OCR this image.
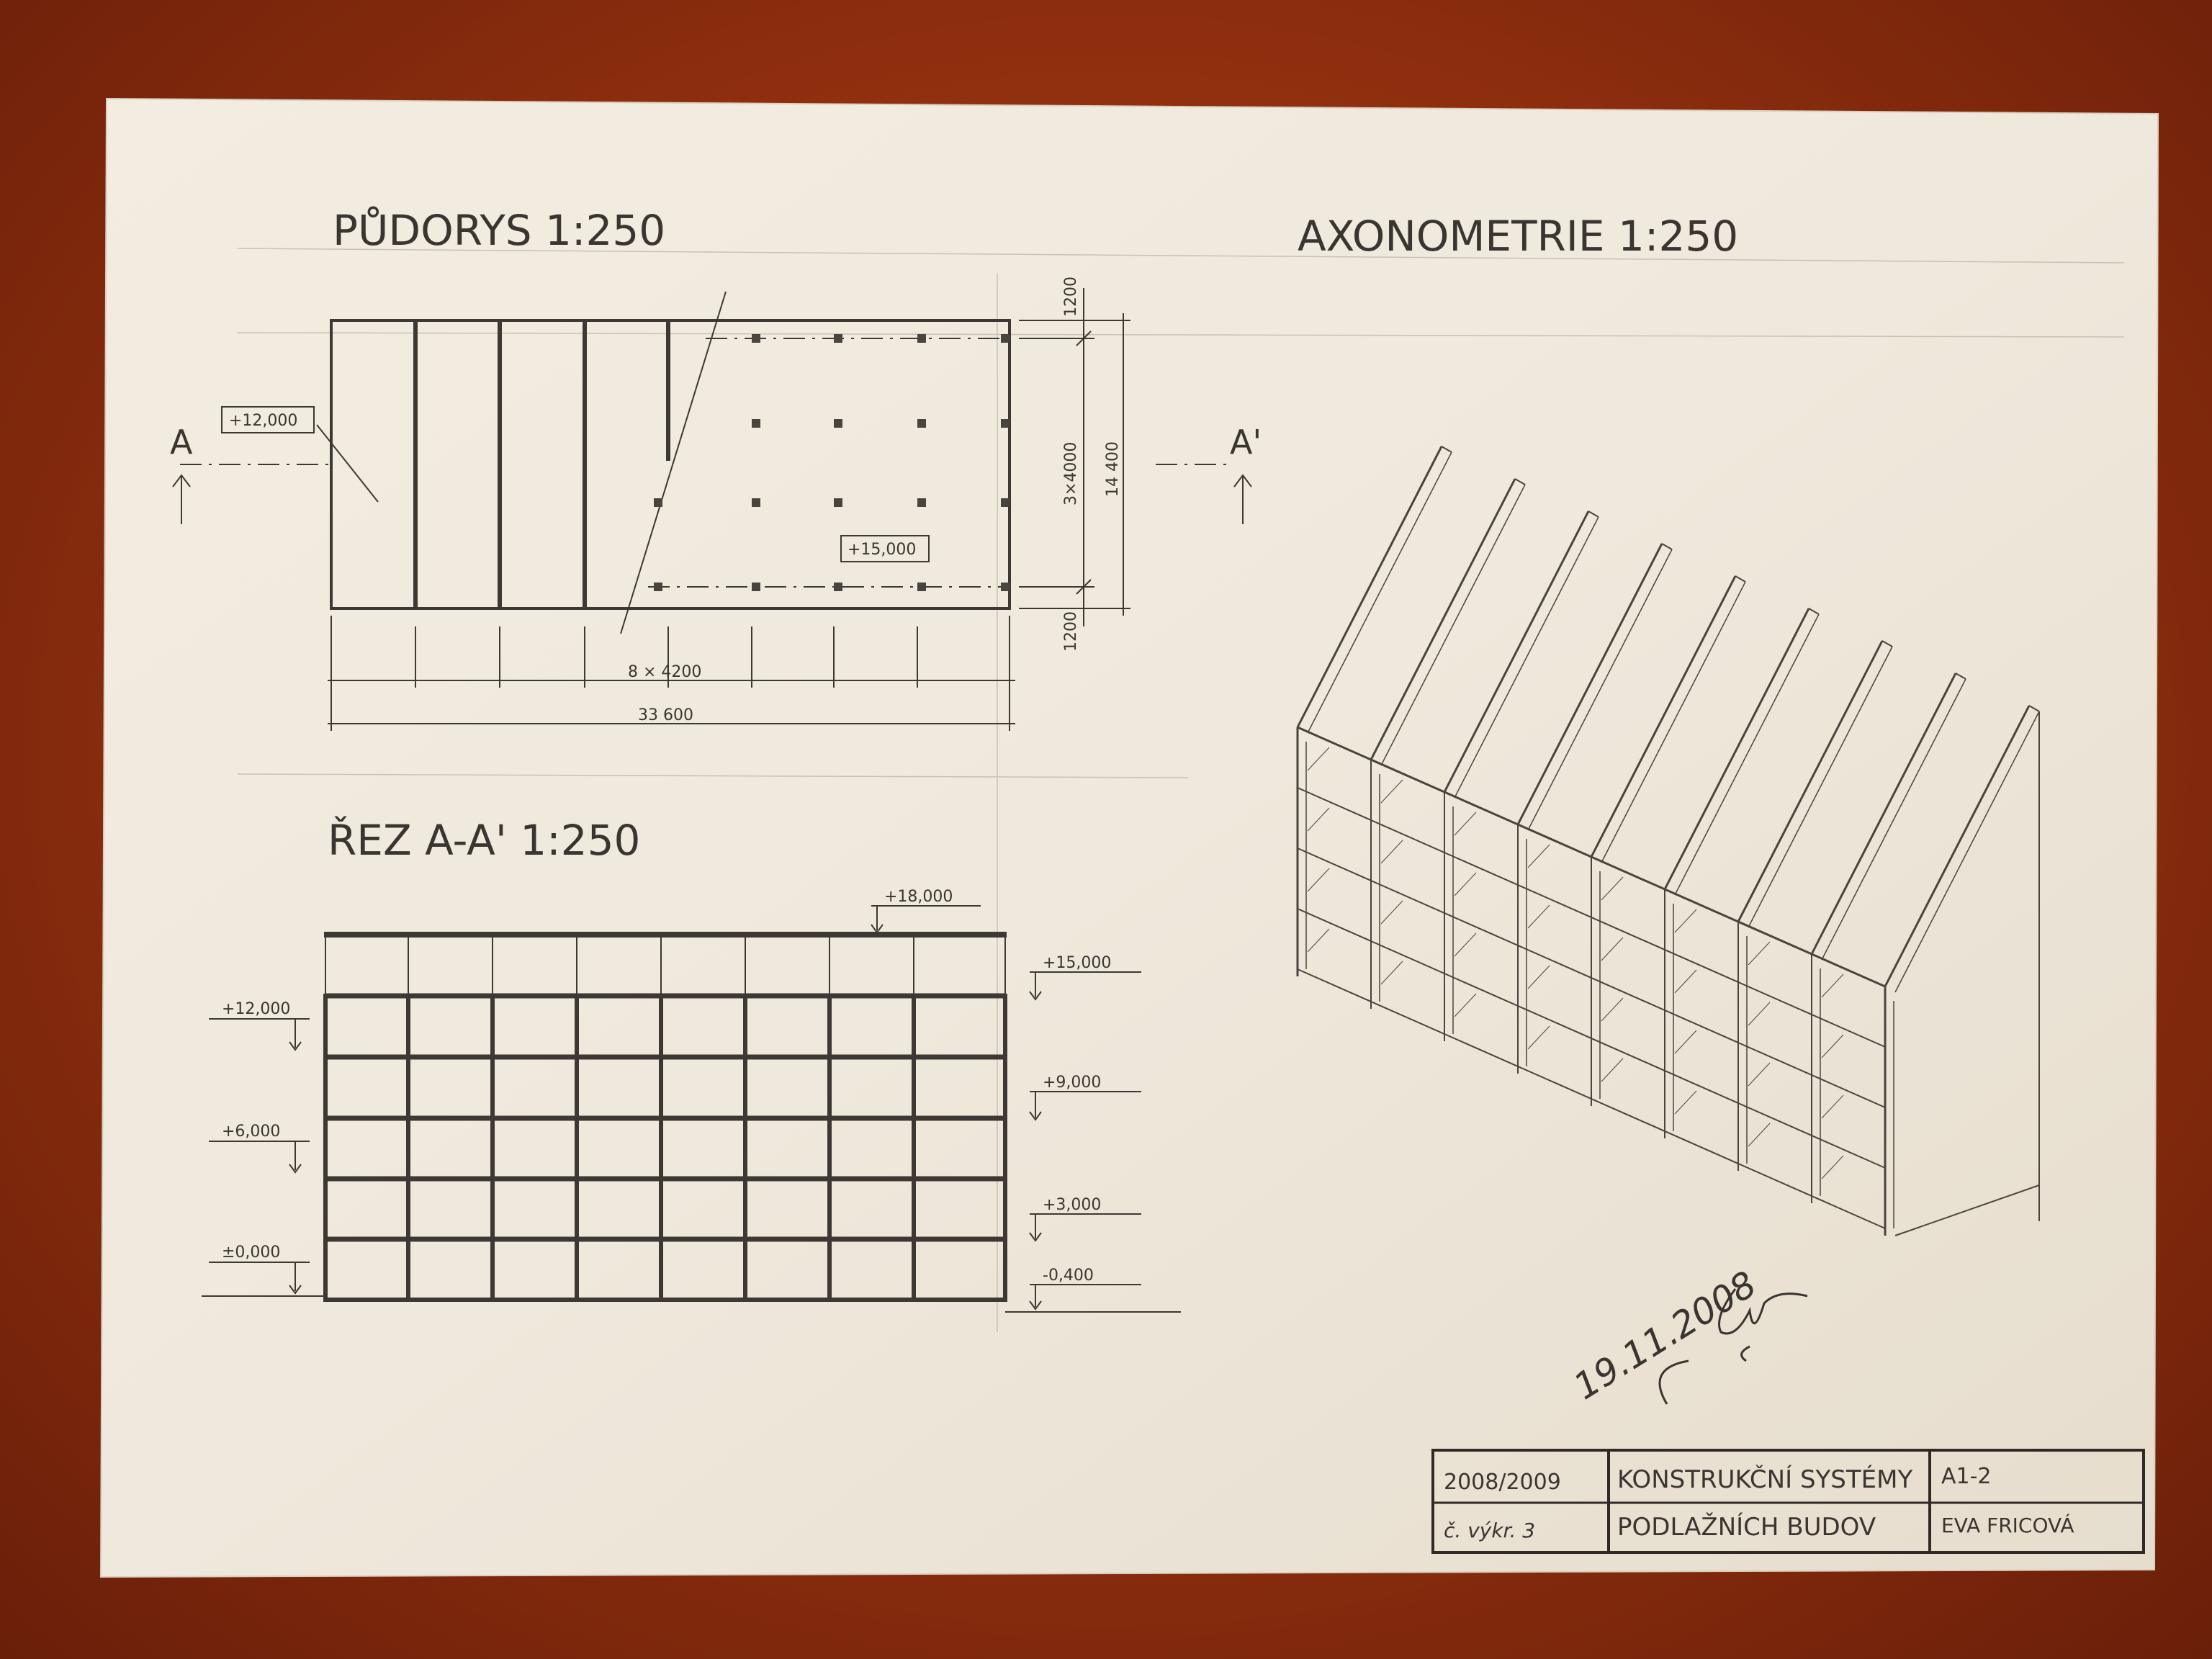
PŮDORYS 1:250
+12,000
+15,000
A	A'
1200
3×4000 14 400
1200
8 × 4200
33 600
ŘEZ A-A' 1:250
+12,000
+6,000
±0,000
+18,000
+15,000
+9,000
+3,000
-0,400
AXONOMETRIE 1:250
19.11.2008
2008/2009
č. výkr. 3
KONSTRUKČNÍ SYSTÉMY
PODLAŽNÍCH BUDOV
A1-2
EVA FRICOVÁ
